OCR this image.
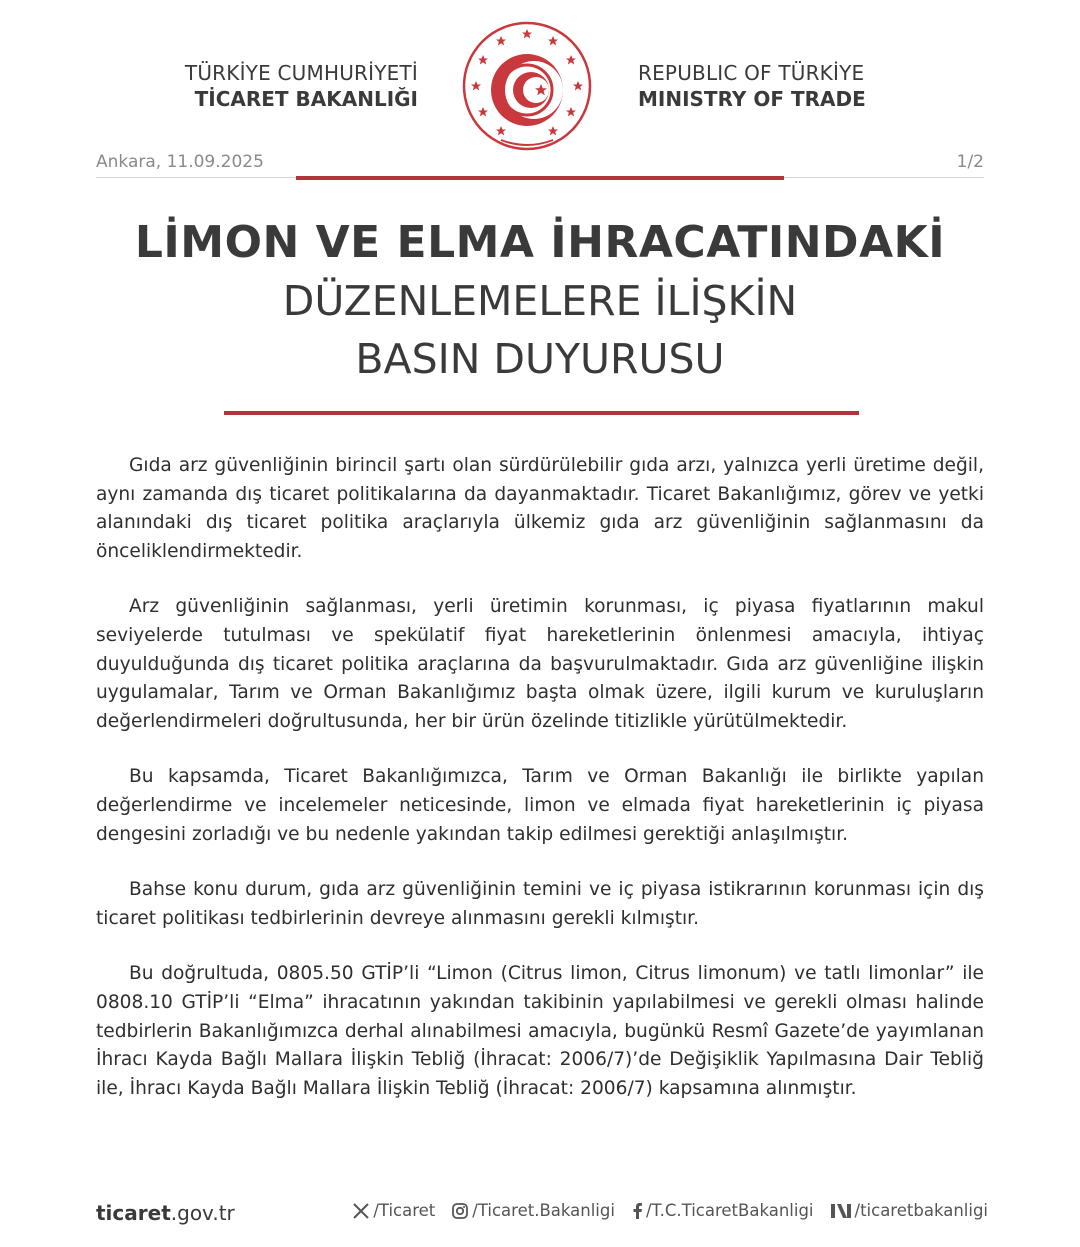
TÜRKİYE CUMHURİYETİ
TİCARET BAKANLIĞI
REPUBLIC OF TÜRKİYE
MINISTRY OF TRADE
Ankara, 11.09.2025	1/2
LİMON VE ELMA İHRACATINDAKİ
DÜZENLEMELERE İLİŞKİN
BASIN DUYURUSU

Gıda arz güvenliğinin birincil şartı olan sürdürülebilir gıda arzı, yalnızca yerli üretime değil, aynı zamanda dış ticaret politikalarına da dayanmaktadır. Ticaret Bakanlığımız, görev ve yetki alanındaki dış ticaret politika araçlarıyla ülkemiz gıda arz güvenliğinin sağlanmasını da önceliklendirmektedir.

Arz güvenliğinin sağlanması, yerli üretimin korunması, iç piyasa fiyatlarının makul seviyelerde tutulması ve spekülatif fiyat hareketlerinin önlenmesi amacıyla, ihtiyaç duyulduğunda dış ticaret politika araçlarına da başvurulmaktadır. Gıda arz güvenliğine ilişkin uygulamalar, Tarım ve Orman Bakanlığımız başta olmak üzere, ilgili kurum ve kuruluşların değerlendirmeleri doğrultusunda, her bir ürün özelinde titizlikle yürütülmektedir.

Bu kapsamda, Ticaret Bakanlığımızca, Tarım ve Orman Bakanlığı ile birlikte yapılan değerlendirme ve incelemeler neticesinde, limon ve elmada fiyat hareketlerinin iç piyasa dengesini zorladığı ve bu nedenle yakından takip edilmesi gerektiği anlaşılmıştır.

Bahse konu durum, gıda arz güvenliğinin temini ve iç piyasa istikrarının korunması için dış ticaret politikası tedbirlerinin devreye alınmasını gerekli kılmıştır.

Bu doğrultuda, 0805.50 GTİP’li “Limon (Citrus limon, Citrus limonum) ve tatlı limonlar” ile 0808.10 GTİP’li “Elma” ihracatının yakından takibinin yapılabilmesi ve gerekli olması halinde tedbirlerin Bakanlığımızca derhal alınabilmesi amacıyla, bugünkü Resmî Gazete’de yayımlanan İhracı Kayda Bağlı Mallara İlişkin Tebliğ (İhracat: 2006/7)’de Değişiklik Yapılmasına Dair Tebliğ ile, İhracı Kayda Bağlı Mallara İlişkin Tebliğ (İhracat: 2006/7) kapsamına alınmıştır.

ticaret.gov.tr	/Ticaret /Ticaret.Bakanligi /T.C.TicaretBakanligi /ticaretbakanligi
